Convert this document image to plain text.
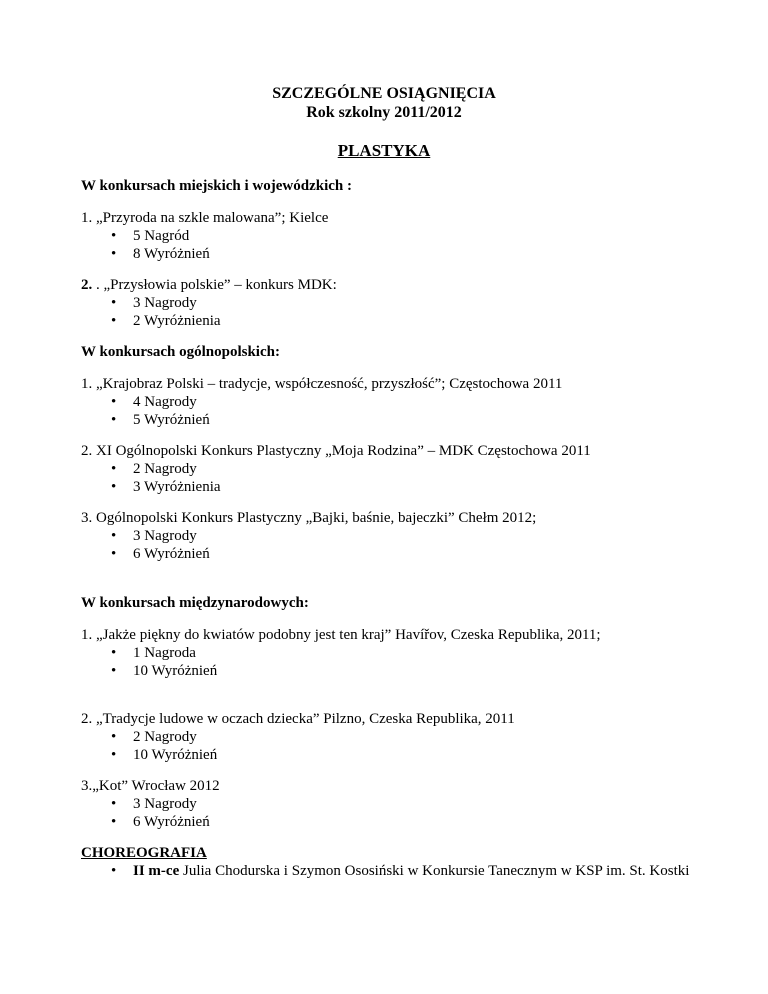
SZCZEGÓLNE OSIĄGNIĘCIA
Rok szkolny 2011/2012
PLASTYKA
W konkursach miejskich i wojewódzkich :
1. „Przyroda na szkle malowana”; Kielce
• 5 Nagród
• 8 Wyróżnień
2. . „Przysłowia polskie” – konkurs MDK:
• 3 Nagrody
• 2 Wyróżnienia
W konkursach ogólnopolskich:
1. „Krajobraz Polski – tradycje, współczesność, przyszłość”; Częstochowa 2011
• 4 Nagrody
• 5 Wyróżnień
2. XI Ogólnopolski Konkurs Plastyczny „Moja Rodzina” – MDK Częstochowa 2011
• 2 Nagrody
• 3 Wyróżnienia
3. Ogólnopolski Konkurs Plastyczny „Bajki, baśnie, bajeczki” Chełm 2012;
• 3 Nagrody
• 6 Wyróżnień
W konkursach międzynarodowych:
1. „Jakże piękny do kwiatów podobny jest ten kraj” Havířov, Czeska Republika, 2011;
• 1 Nagroda
• 10 Wyróżnień
2. „Tradycje ludowe w oczach dziecka” Pilzno, Czeska Republika, 2011
• 2 Nagrody
• 10 Wyróżnień
3.„Kot” Wrocław 2012
• 3 Nagrody
• 6 Wyróżnień
CHOREOGRAFIA
• II m-ce Julia Chodurska i Szymon Ososiński w Konkursie Tanecznym w KSP im. St. Kostki
